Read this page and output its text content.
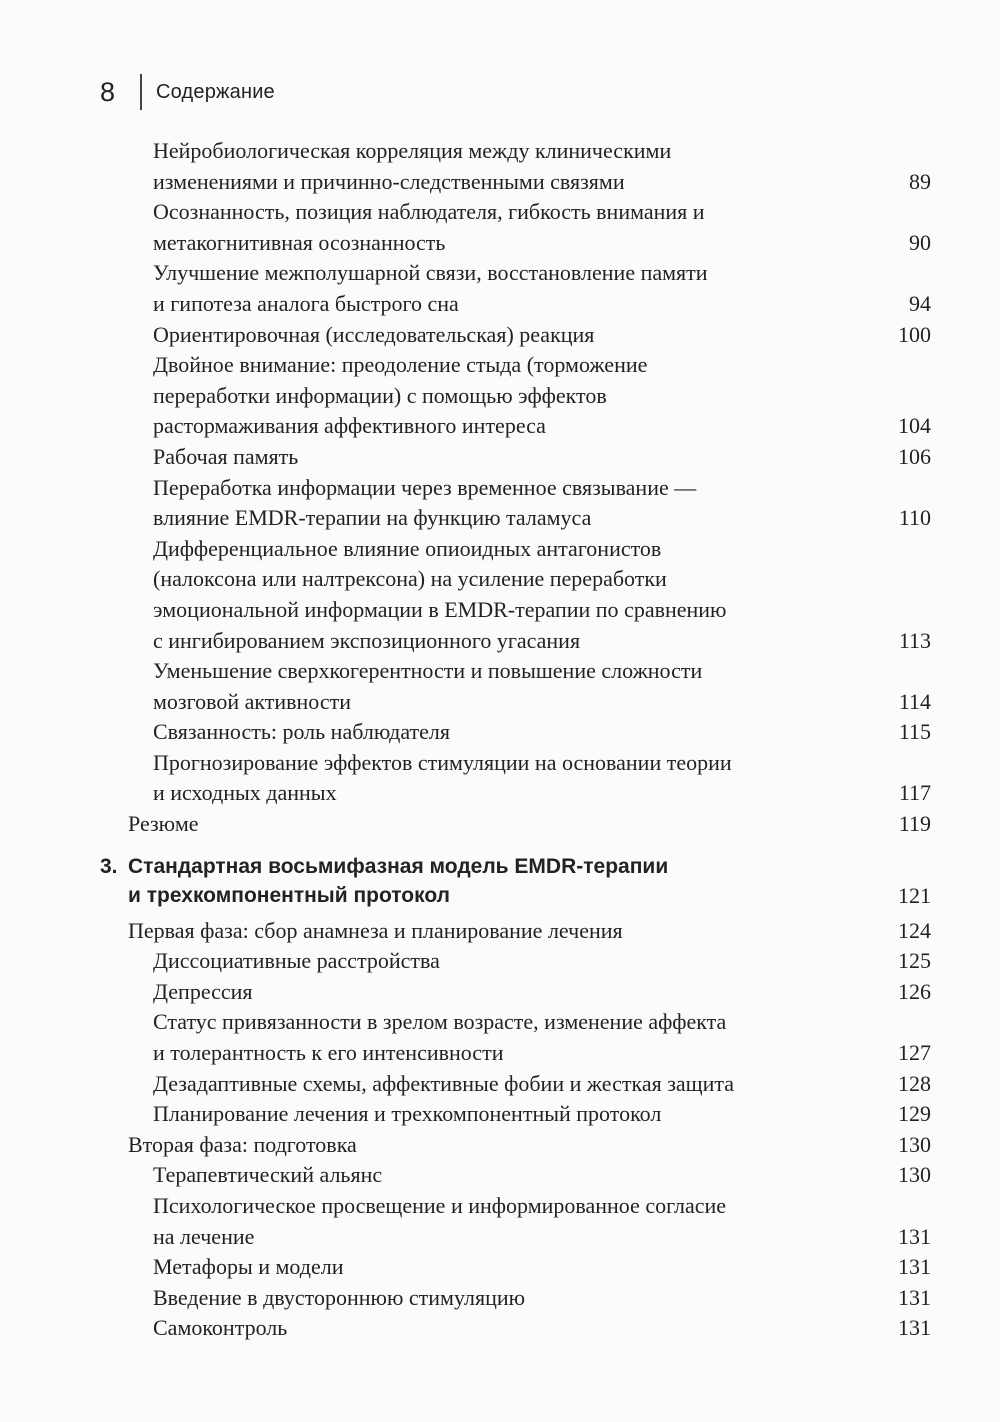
8	Содержание
Нейробиологическая корреляция между клиническими
изменениями и причинно-следственными связями	89
Осознанность, позиция наблюдателя, гибкость внимания и
метакогнитивная осознанность	90
Улучшение межполушарной связи, восстановление памяти
и гипотеза аналога быстрого сна	94
Ориентировочная (исследовательская) реакция	100
Двойное внимание: преодоление стыда (торможение
переработки информации) с помощью эффектов
растормаживания аффективного интереса	104
Рабочая память	106
Переработка информации через временное связывание —
влияние EMDR-терапии на функцию таламуса	110
Дифференциальное влияние опиоидных антагонистов
(налоксона или налтрексона) на усиление переработки
эмоциональной информации в EMDR-терапии по сравнению
с ингибированием экспозиционного угасания	113
Уменьшение сверхкогерентности и повышение сложности
мозговой активности	114
Связанность: роль наблюдателя	115
Прогнозирование эффектов стимуляции на основании теории
и исходных данных	117
Резюме	119
3. Стандартная восьмифазная модель EMDR-терапии
и трехкомпонентный протокол	121
Первая фаза: сбор анамнеза и планирование лечения	124
Диссоциативные расстройства	125
Депрессия	126
Статус привязанности в зрелом возрасте, изменение аффекта
и толерантность к его интенсивности	127
Дезадаптивные схемы, аффективные фобии и жесткая защита	128
Планирование лечения и трехкомпонентный протокол	129
Вторая фаза: подготовка	130
Терапевтический альянс	130
Психологическое просвещение и информированное согласие
на лечение	131
Метафоры и модели	131
Введение в двустороннюю стимуляцию	131
Самоконтроль	131
